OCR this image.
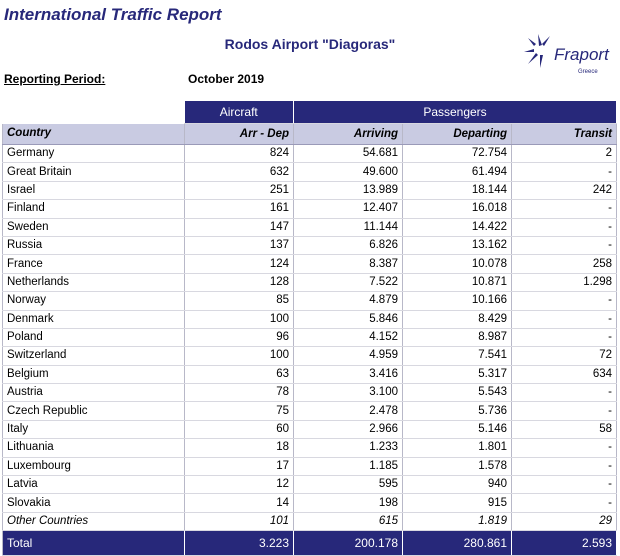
International Traffic Report
Rodos Airport "Diagoras"
Fraport
Greece
Reporting Period:	October 2019
	Aircraft	Passengers		
Country	Arr - Dep	Arriving	Departing	Transit
Germany	824	54.681	72.754	2
Great Britain	632	49.600	61.494	-
Israel	251	13.989	18.144	242
Finland	161	12.407	16.018	-
Sweden	147	11.144	14.422	-
Russia	137	6.826	13.162	-
France	124	8.387	10.078	258
Netherlands	128	7.522	10.871	1.298
Norway	85	4.879	10.166	-
Denmark	100	5.846	8.429	-
Poland	96	4.152	8.987	-
Switzerland	100	4.959	7.541	72
Belgium	63	3.416	5.317	634
Austria	78	3.100	5.543	-
Czech Republic	75	2.478	5.736	-
Italy	60	2.966	5.146	58
Lithuania	18	1.233	1.801	-
Luxembourg	17	1.185	1.578	-
Latvia	12	595	940	-
Slovakia	14	198	915	-
Other Countries	101	615	1.819	29
Total	3.223	200.178	280.861	2.593
